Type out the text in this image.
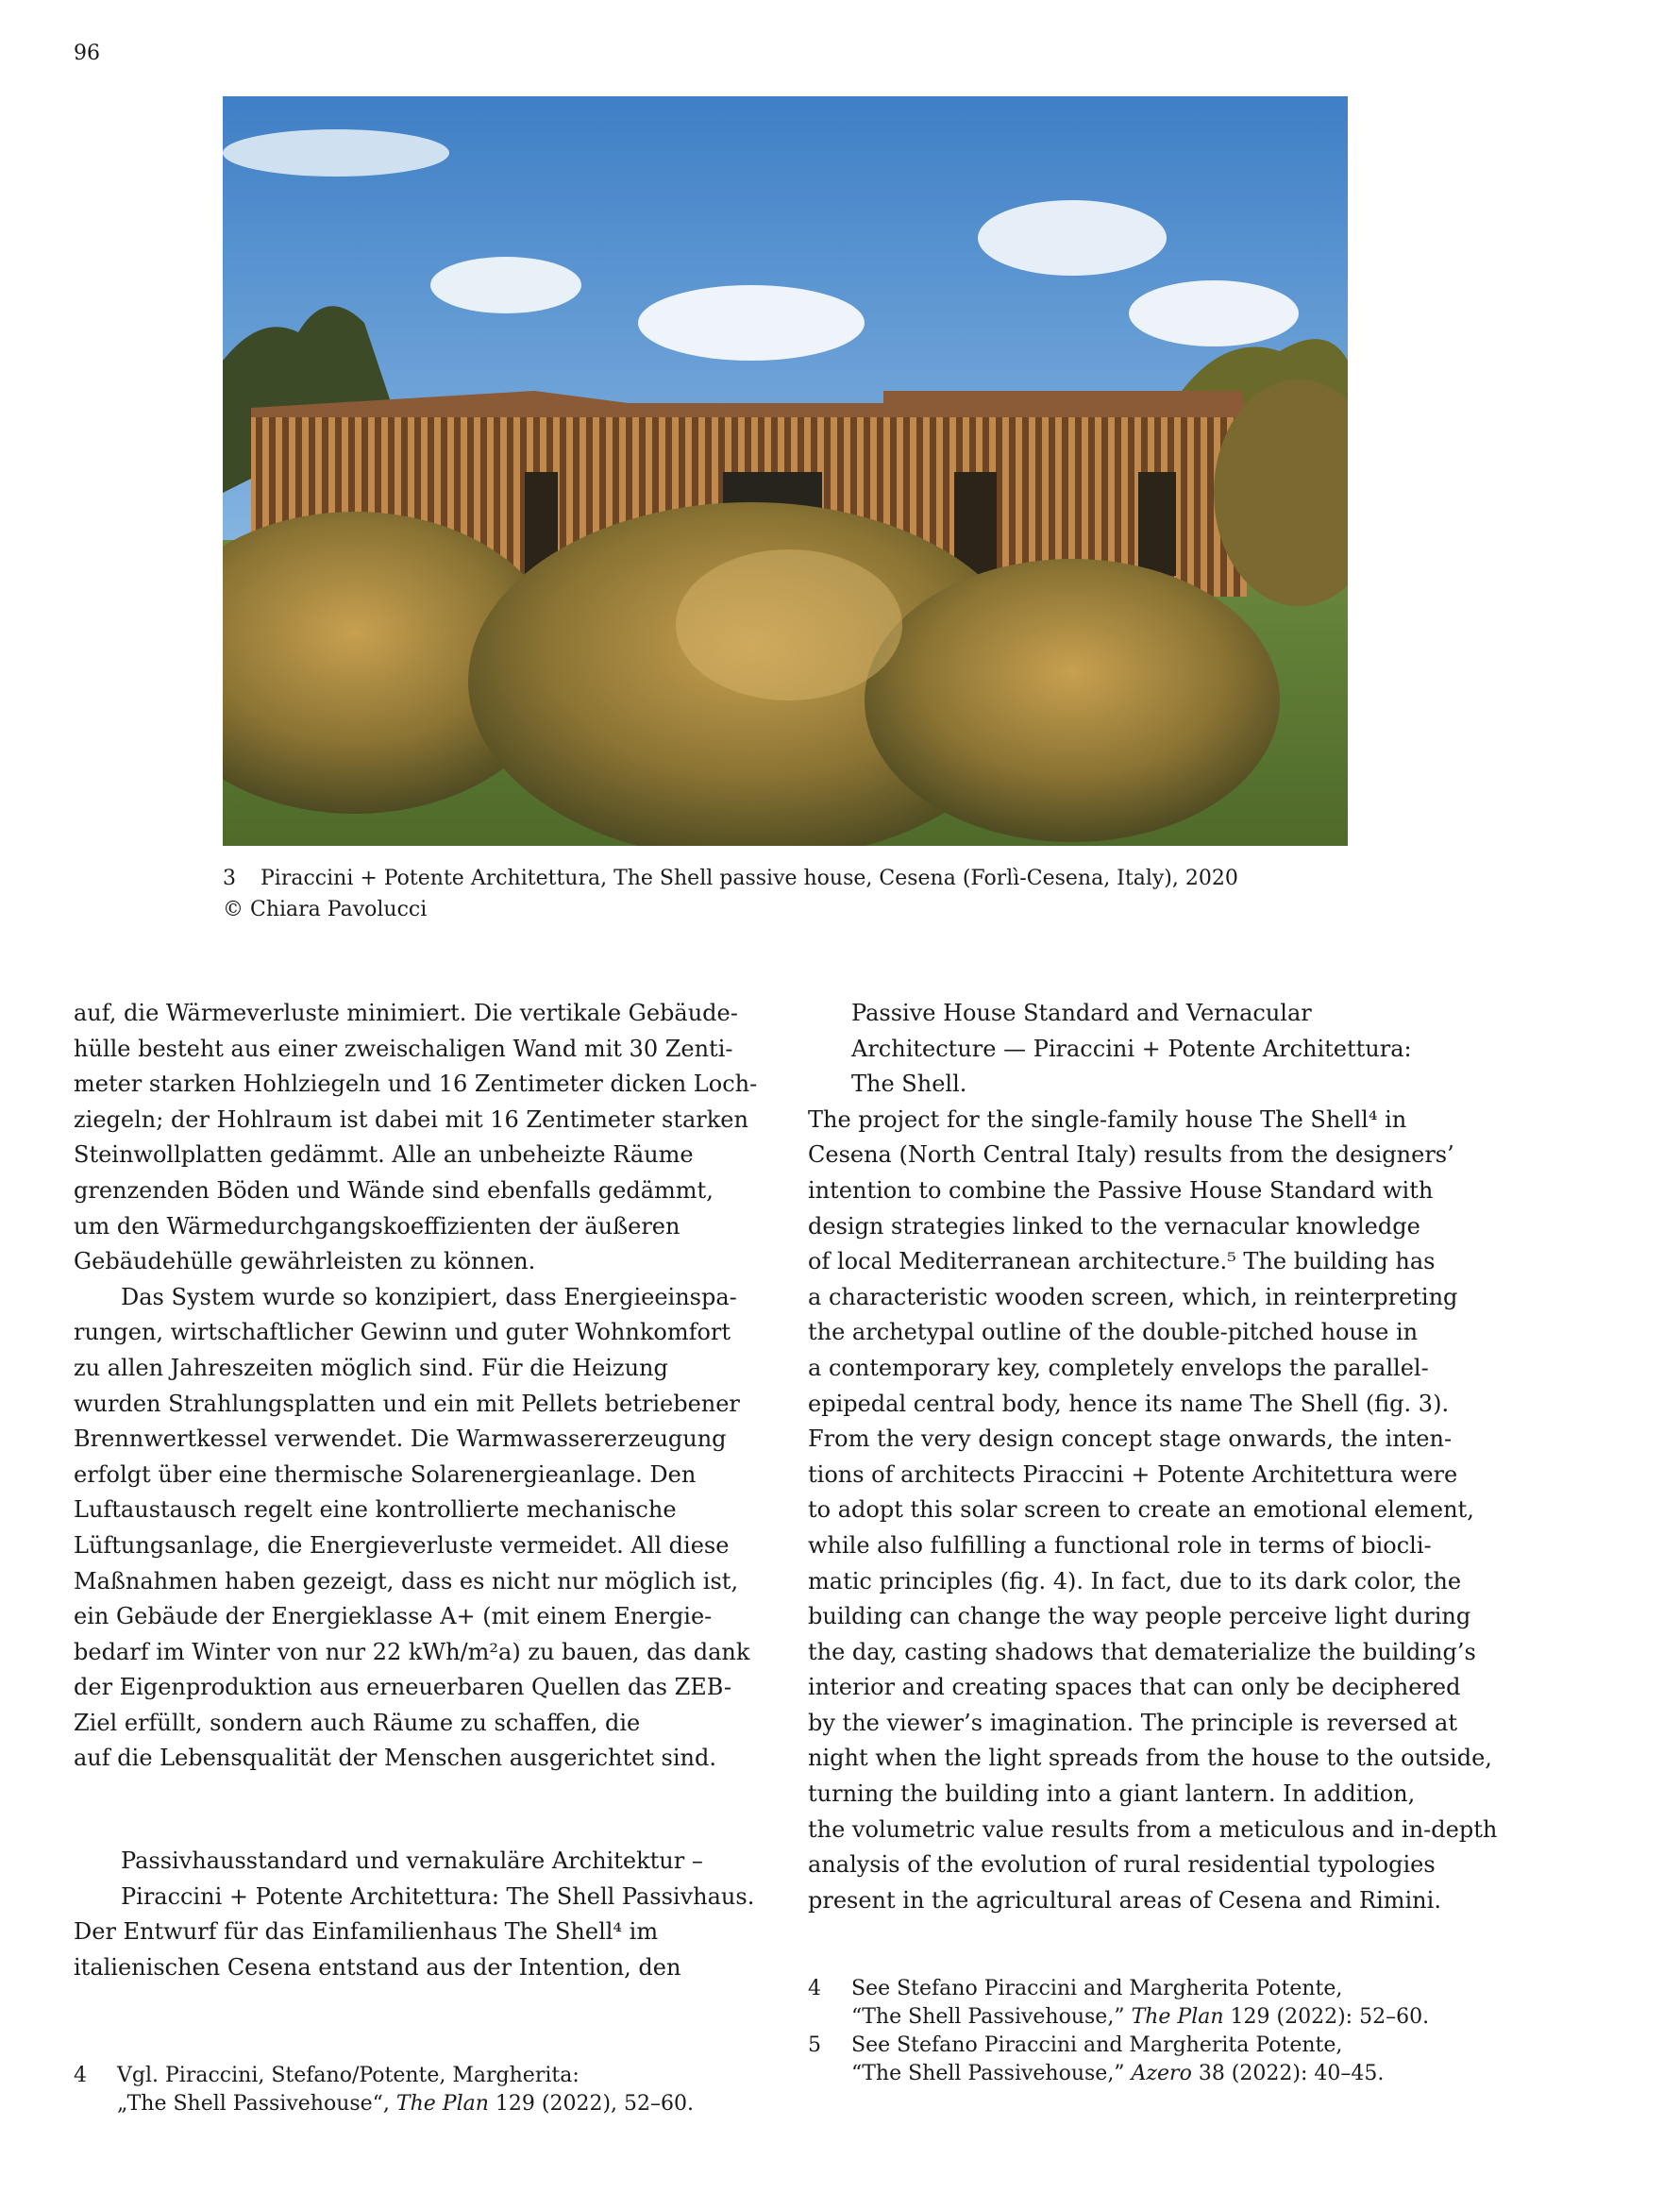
96
3 Piraccini + Potente Architettura, The Shell passive house, Cesena (Forlì-Cesena, Italy), 2020
© Chiara Pavolucci

auf, die Wärmeverluste minimiert. Die vertikale Gebäude-

hülle besteht aus einer zweischaligen Wand mit 30 Zenti-

meter starken Hohlziegeln und 16 Zentimeter dicken Loch-

ziegeln; der Hohlraum ist dabei mit 16 Zentimeter starken

Steinwollplatten gedämmt. Alle an unbeheizte Räume

grenzenden Böden und Wände sind ebenfalls gedämmt,

um den Wärmedurchgangskoeffizienten der äußeren

Gebäudehülle gewährleisten zu können.

Das System wurde so konzipiert, dass Energieeinspa-

rungen, wirtschaftlicher Gewinn und guter Wohnkomfort

zu allen Jahreszeiten möglich sind. Für die Heizung

wurden Strahlungsplatten und ein mit Pellets betriebener

Brennwertkessel verwendet. Die Warmwassererzeugung

erfolgt über eine thermische Solarenergieanlage. Den

Luftaustausch regelt eine kontrollierte mechanische

Lüftungsanlage, die Energieverluste vermeidet. All diese

Maßnahmen haben gezeigt, dass es nicht nur möglich ist,

ein Gebäude der Energieklasse A+ (mit einem Energie-

bedarf im Winter von nur 22 kWh/m²a) zu bauen, das dank

der Eigenproduktion aus erneuerbaren Quellen das ZEB-

Ziel erfüllt, sondern auch Räume zu schaffen, die

auf die Lebensqualität der Menschen ausgerichtet sind.

Passivhausstandard und vernakuläre Architektur –

Piraccini + Potente Architettura: The Shell Passivhaus.

Der Entwurf für das Einfamilienhaus The Shell⁴ im

italienischen Cesena entstand aus der Intention, den

4 Vgl. Piraccini, Stefano/Potente, Margherita:

„The Shell Passivehouse“, The Plan 129 (2022), 52–60.

Passive House Standard and Vernacular

Architecture — Piraccini + Potente Architettura:

The Shell.

The project for the single-family house The Shell⁴ in

Cesena (North Central Italy) results from the designers’

intention to combine the Passive House Standard with

design strategies linked to the vernacular knowledge

of local Mediterranean architecture.⁵ The building has

a characteristic wooden screen, which, in reinterpreting

the archetypal outline of the double-pitched house in

a contemporary key, completely envelops the parallel-

epipedal central body, hence its name The Shell (fig. 3).

From the very design concept stage onwards, the inten-

tions of architects Piraccini + Potente Architettura were

to adopt this solar screen to create an emotional element,

while also fulfilling a functional role in terms of biocli-

matic principles (fig. 4). In fact, due to its dark color, the

building can change the way people perceive light during

the day, casting shadows that dematerialize the building’s

interior and creating spaces that can only be deciphered

by the viewer’s imagination. The principle is reversed at

night when the light spreads from the house to the outside,

turning the building into a giant lantern. In addition,

the volumetric value results from a meticulous and in-depth

analysis of the evolution of rural residential typologies

present in the agricultural areas of Cesena and Rimini.

4 See Stefano Piraccini and Margherita Potente,

“The Shell Passivehouse,” The Plan 129 (2022): 52–60.

5 See Stefano Piraccini and Margherita Potente,

“The Shell Passivehouse,” Azero 38 (2022): 40–45.
